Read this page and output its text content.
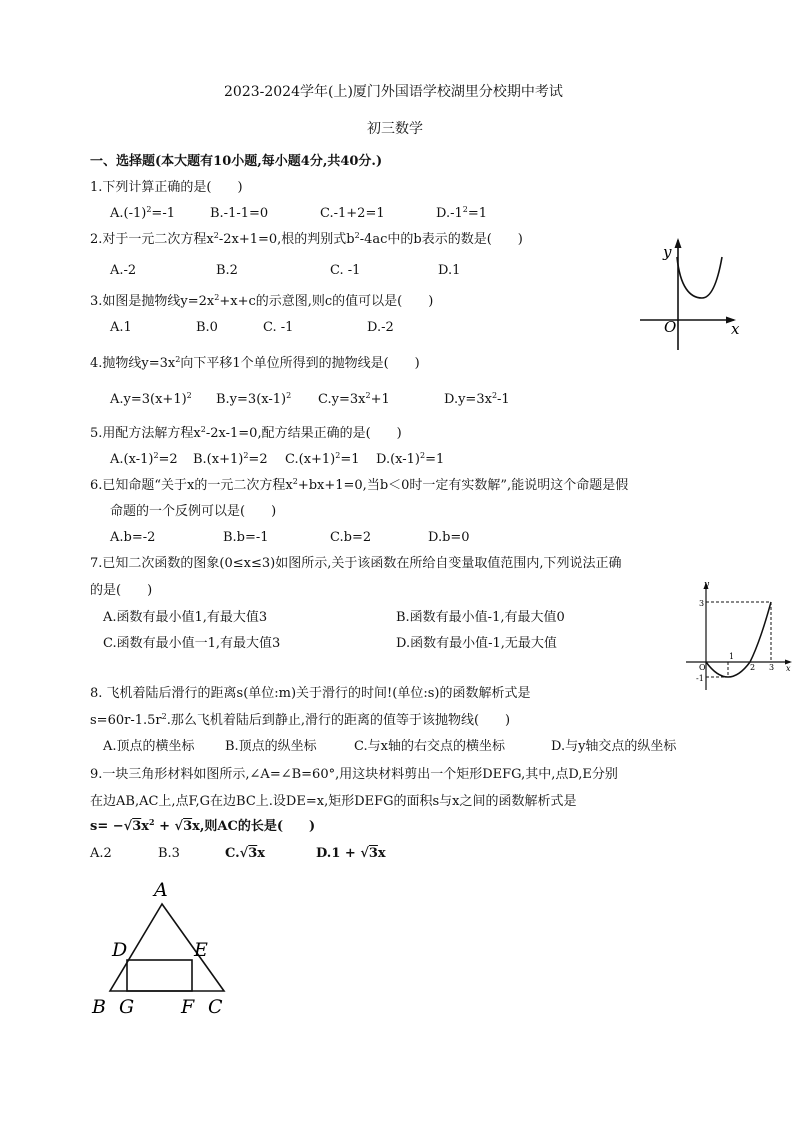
2023-2024学年(上)厦门外国语学校湖里分校期中考试
初三数学
一、选择题(本大题有10小题,每小题4分,共40分.)
1.下列计算正确的是(　　)
$A.(-1)^2=-1$	B.-1-1=0	C.-1+2=1	$D.-1^2=1$
2.对于一元二次方程$x^2-2x+1=0$,根的判别式$b^2-4ac$中的b表示的数是(　　)
A.-2	B.2	C. -1	D.1
y
O	x
3.如图是抛物线$y=2x^2+x+c$的示意图,则c的值可以是(　　)
A.1	B.0	C. -1	D.-2
4.抛物线$y=3x^2$向下平移1个单位所得到的抛物线是(　　)
$A.y=3(x+1)^2$ $B.y=3(x-1)^2$ $C.y=3x^2+1$	$D.y=3x^2-1$
5.用配方法解方程$x^2-2x-1=0$,配方结果正确的是(　　)
$A.(x-1)^2=2$ $B.(x+1)^2=2$ $C.(x+1)^2=1$ $D.(x-1)^2=1$
6.已知命题“关于x的一元二次方程$x^2+bx+1=0$,当b＜0时一定有实数解”,能说明这个命题是假
命题的一个反例可以是(　　)
A.b=-2	B.b=-1	C.b=2	D.b=0
7.已知二次函数的图象(0≤x≤3)如图所示,关于该函数在所给自变量取值范围内,下列说法正确
的是(　　)
A.函数有最小值1,有最大值3	B.函数有最小值-1,有最大值0
C.函数有最小值一1,有最大值3	D.函数有最小值-1,无最大值
y
3
O
-1
1
2 3 x
8. 飞机着陆后滑行的距离s(单位:m)关于滑行的时间!(单位:s)的函数解析式是
$s=60r-1.5r^2$.那么飞机着陆后到静止,滑行的距离的值等于该抛物线(　　)
A.顶点的横坐标 B.顶点的纵坐标	C.与x轴的右交点的横坐标	D.与y轴交点的纵坐标
9.一块三角形材料如图所示,∠A=∠B=60°,用这块材料剪出一个矩形DEFG,其中,点D,E分别
在边AB,AC上,点F,G在边BC上.设DE=x,矩形DEFG的面积s与x之间的函数解析式是
$s= -√3x^2 + √3x$,则AC的长是(　　)
A.2	B.3	C.√3x	D.1 + √3x
A
D	E
B G F C
